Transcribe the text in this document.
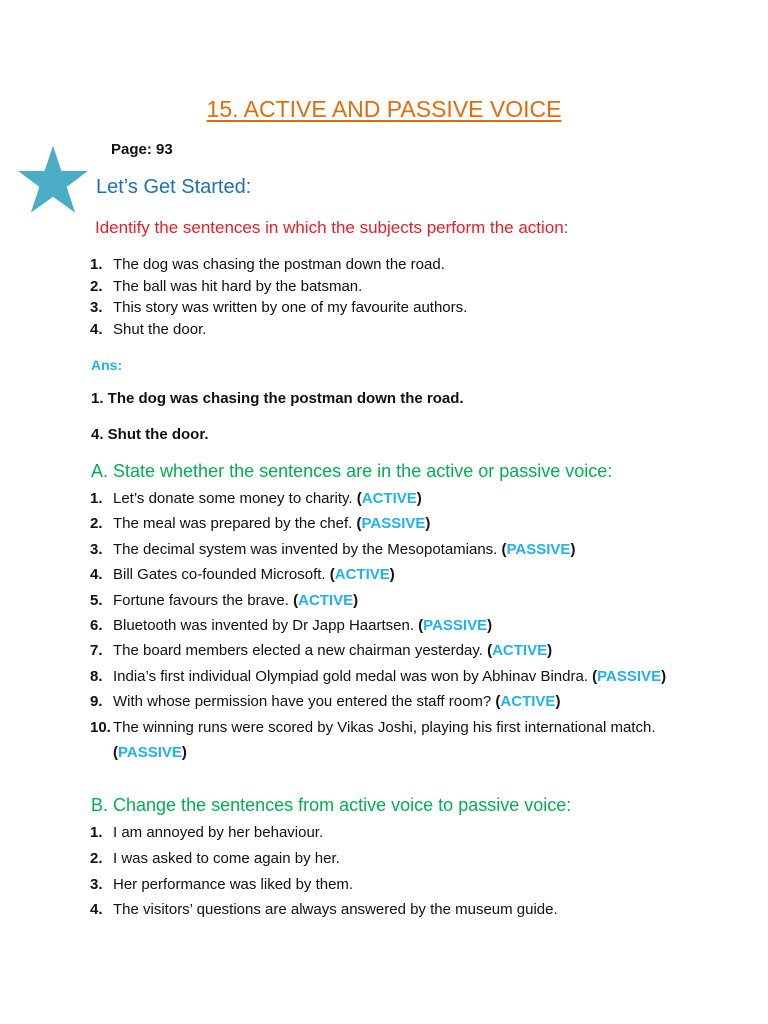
15. ACTIVE AND PASSIVE VOICE
Page: 93
Let’s Get Started:
Identify the sentences in which the subjects perform the action:
1. The dog was chasing the postman down the road.
2. The ball was hit hard by the batsman.
3. This story was written by one of my favourite authors.
4. Shut the door.
Ans:
1. The dog was chasing the postman down the road.
4. Shut the door.
A. State whether the sentences are in the active or passive voice:
1. Let’s donate some money to charity. (ACTIVE)
2. The meal was prepared by the chef. (PASSIVE)
3. The decimal system was invented by the Mesopotamians. (PASSIVE)
4. Bill Gates co-founded Microsoft. (ACTIVE)
5. Fortune favours the brave. (ACTIVE)
6. Bluetooth was invented by Dr Japp Haartsen. (PASSIVE)
7. The board members elected a new chairman yesterday. (ACTIVE)
8. India’s first individual Olympiad gold medal was won by Abhinav Bindra. (PASSIVE)
9. With whose permission have you entered the staff room? (ACTIVE)
10. The winning runs were scored by Vikas Joshi, playing his first international match. (PASSIVE)
B. Change the sentences from active voice to passive voice:
1. I am annoyed by her behaviour.
2. I was asked to come again by her.
3. Her performance was liked by them.
4. The visitors’ questions are always answered by the museum guide.
